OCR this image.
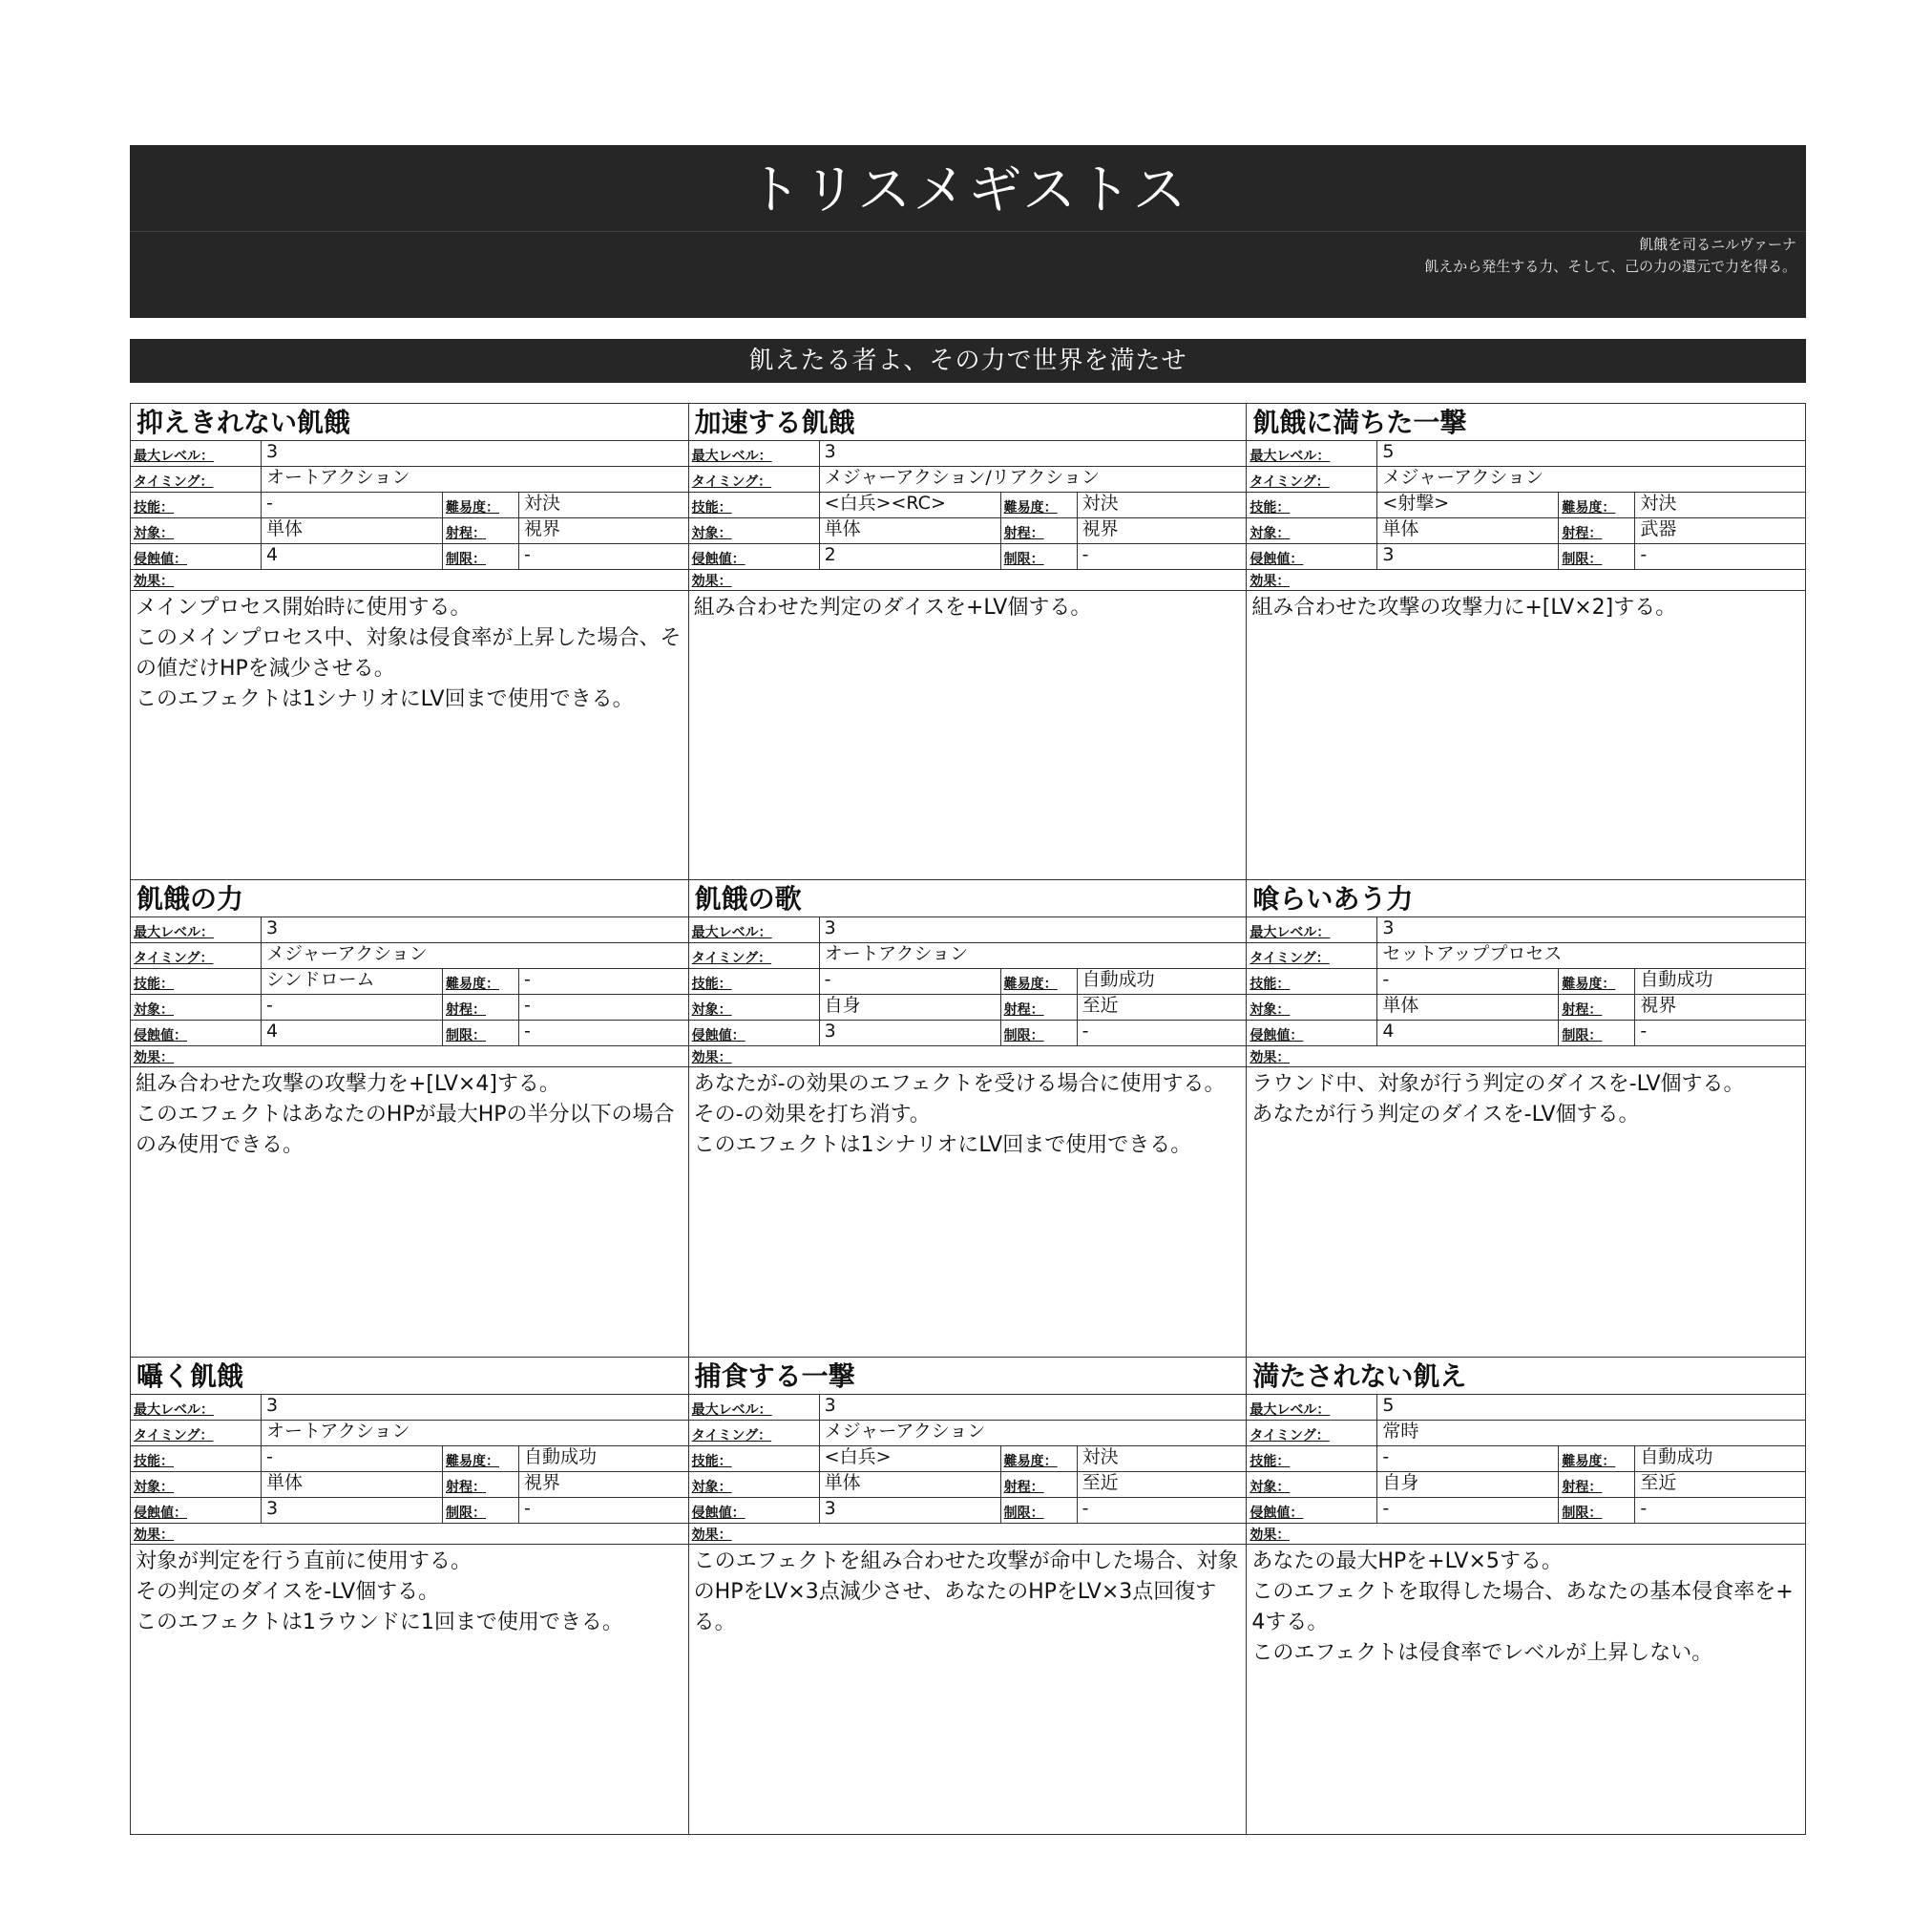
トリスメギストス
飢餓を司るニルヴァーナ
飢えから発生する力、そして、己の力の還元で力を得る。
飢えたる者よ、その力で世界を満たせ
抑えきれない飢餓
最大レベル：	3
タイミング：	オートアクション
技能：	-	難易度：	対決
対象：	単体	射程：	視界
侵蝕値：	4	制限：	-
効果：
メインプロセス開始時に使用する。
このメインプロセス中、対象は侵食率が上昇した場合、その値だけHPを減少させる。
このエフェクトは1シナリオにLV回まで使用できる。
加速する飢餓
最大レベル：	3
タイミング：	メジャーアクション/リアクション
技能：	<白兵><RC>	難易度：	対決
対象：	単体	射程：	視界
侵蝕値：	2	制限：	-
効果：
組み合わせた判定のダイスを+LV個する。
飢餓に満ちた一撃
最大レベル：	5
タイミング：	メジャーアクション
技能：	<射撃>	難易度：	対決
対象：	単体	射程：	武器
侵蝕値：	3	制限：	-
効果：
組み合わせた攻撃の攻撃力に+[LV×2]する。
飢餓の力
最大レベル：	3
タイミング：	メジャーアクション
技能：	シンドローム	難易度：	-
対象：	-	射程：	-
侵蝕値：	4	制限：	-
効果：
組み合わせた攻撃の攻撃力を+[LV×4]する。
このエフェクトはあなたのHPが最大HPの半分以下の場合のみ使用できる。
飢餓の歌
最大レベル：	3
タイミング：	オートアクション
技能：	-	難易度：	自動成功
対象：	自身	射程：	至近
侵蝕値：	3	制限：	-
効果：
あなたが-の効果のエフェクトを受ける場合に使用する。
その-の効果を打ち消す。
このエフェクトは1シナリオにLV回まで使用できる。
喰らいあう力
最大レベル：	3
タイミング：	セットアッププロセス
技能：	-	難易度：	自動成功
対象：	単体	射程：	視界
侵蝕値：	4	制限：	-
効果：
ラウンド中、対象が行う判定のダイスを-LV個する。
あなたが行う判定のダイスを-LV個する。
囁く飢餓
最大レベル：	3
タイミング：	オートアクション
技能：	-	難易度：	自動成功
対象：	単体	射程：	視界
侵蝕値：	3	制限：	-
効果：
対象が判定を行う直前に使用する。
その判定のダイスを-LV個する。
このエフェクトは1ラウンドに1回まで使用できる。
捕食する一撃
最大レベル：	3
タイミング：	メジャーアクション
技能：	<白兵>	難易度：	対決
対象：	単体	射程：	至近
侵蝕値：	3	制限：	-
効果：
このエフェクトを組み合わせた攻撃が命中した場合、対象のHPをLV×3点減少させ、あなたのHPをLV×3点回復する。
満たされない飢え
最大レベル：	5
タイミング：	常時
技能：	-	難易度：	自動成功
対象：	自身	射程：	至近
侵蝕値：	-	制限：	-
効果：
あなたの最大HPを+LV×5する。
このエフェクトを取得した場合、あなたの基本侵食率を+4する。
このエフェクトは侵食率でレベルが上昇しない。
